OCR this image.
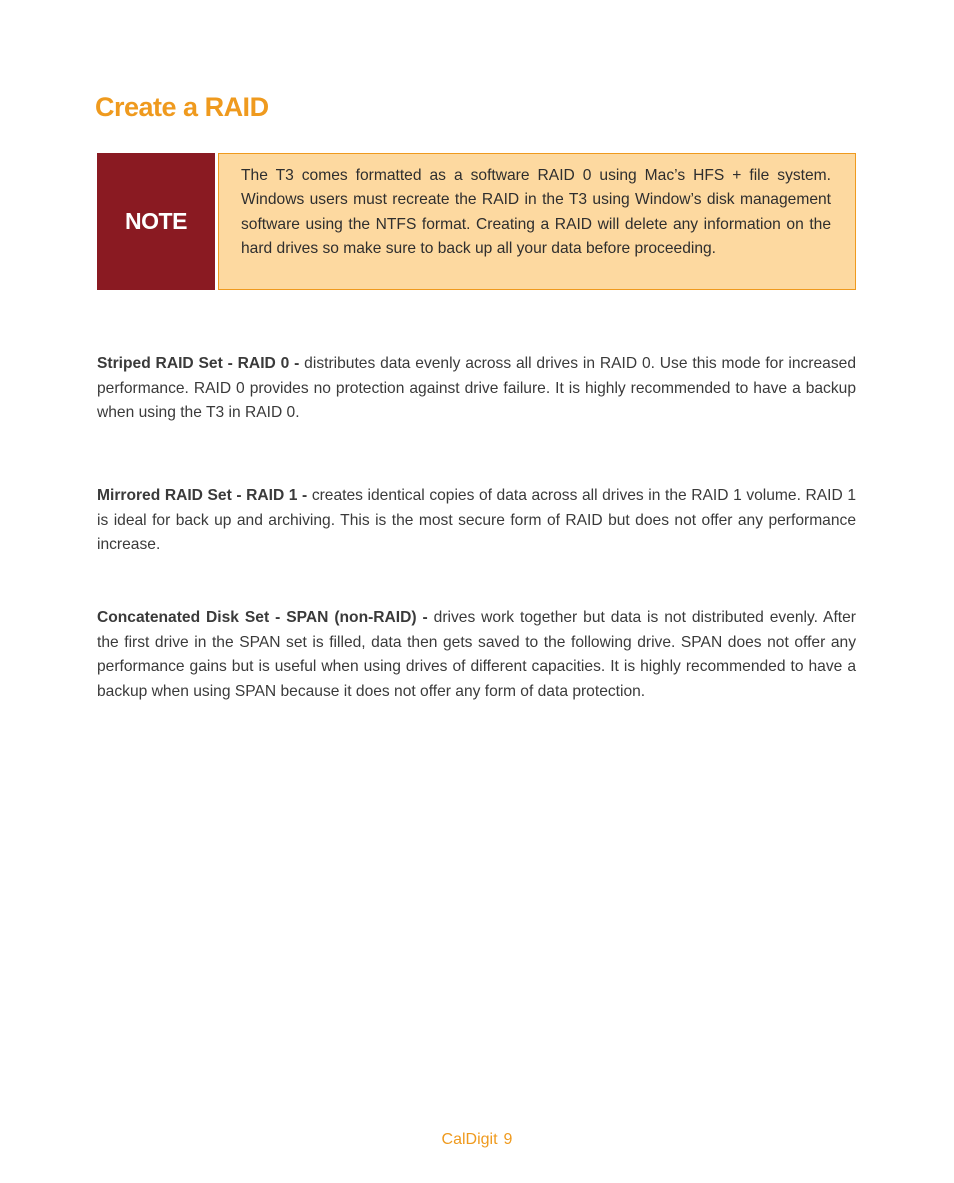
Create a RAID
NOTE

The T3 comes formatted as a software RAID 0 using Mac’s HFS + file system. Windows users must recreate the RAID in the T3 using Window’s disk management software using the NTFS format. Creating a RAID will delete any information on the hard drives so make sure to back up all your data before proceeding.

Striped RAID Set - RAID 0 - distributes data evenly across all drives in RAID 0. Use this mode for increased performance. RAID 0 provides no protection against drive failure. It is highly recommended to have a backup when using the T3 in RAID 0.

Mirrored RAID Set - RAID 1 - creates identical copies of data across all drives in the RAID 1 volume. RAID 1 is ideal for back up and archiving. This is the most secure form of RAID but does not offer any performance increase.

Concatenated Disk Set - SPAN (non-RAID) - drives work together but data is not distributed evenly. After the first drive in the SPAN set is filled, data then gets saved to the following drive. SPAN does not offer any performance gains but is useful when using drives of different capacities. It is highly recommended to have a backup when using SPAN because it does not offer any form of data protection.

CalDigit 9
